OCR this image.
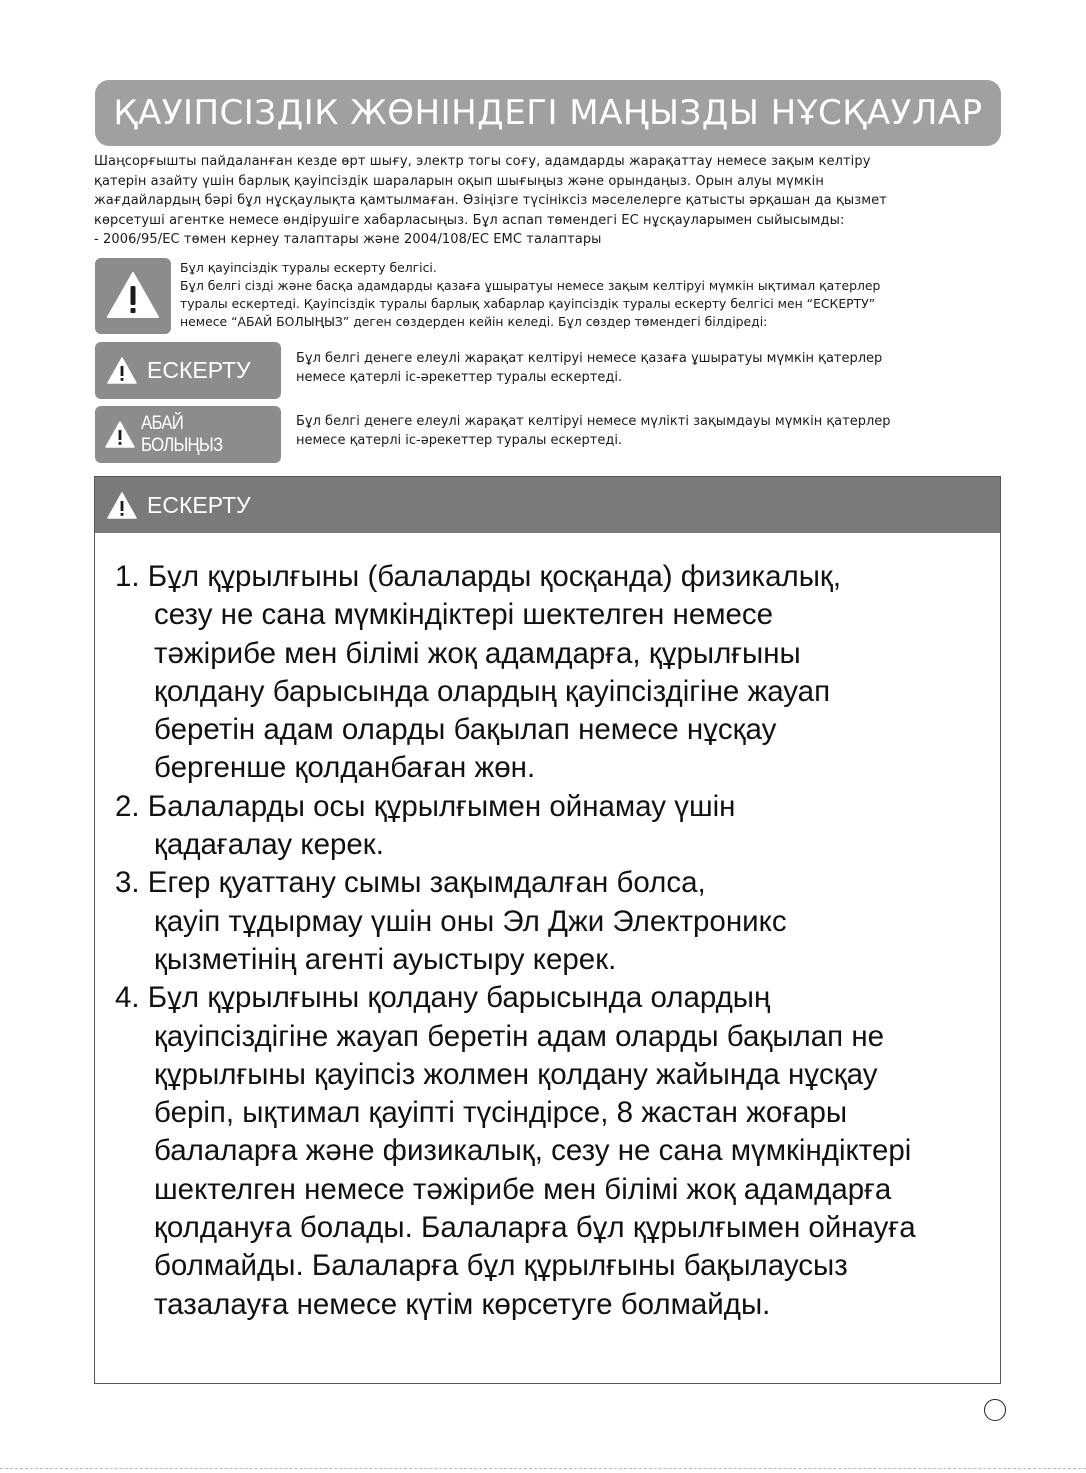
ҚАУІПСІЗДІК ЖӨНІНДЕГІ МАҢЫЗДЫ НҰСҚАУЛАР
Шаңсорғышты пайдаланған кезде өрт шығу, электр тогы соғу, адамдарды жарақаттау немесе зақым келтіру
қатерін азайту үшін барлық қауіпсіздік шараларын оқып шығыңыз және орындаңыз. Орын алуы мүмкін
жағдайлардың бәрі бұл нұсқаулықта қамтылмаған. Өзіңізге түсініксіз мәселелерге қатысты әрқашан да қызмет
көрсетуші агентке немесе өндірушіге хабарласыңыз. Бұл аспап төмендегі ЕС нұсқауларымен сыйысымды:
- 2006/95/EC төмен кернеу талаптары және 2004/108/EC EMC талаптары
Бұл қауіпсіздік туралы ескерту белгісі.
Бұл белгі сізді және басқа адамдарды қазаға ұшыратуы немесе зақым келтіруі мүмкін ықтимал қатерлер
туралы ескертеді. Қауіпсіздік туралы барлық хабарлар қауіпсіздік туралы ескерту белгісі мен “ЕСКЕРТУ”
немесе “АБАЙ БОЛЫҢЫЗ” деген сөздерден кейін келеді. Бұл сөздер төмендегі білдіреді:
ЕСКЕРТУ	Бұл белгі денеге елеулі жарақат келтіруі немесе қазаға ұшыратуы мүмкін қатерлер
немесе қатерлі іс-әрекеттер туралы ескертеді.
АБАЙ БОЛЫҢЫЗ
Бұл белгі денеге елеулі жарақат келтіруі немесе мүлікті зақымдауы мүмкін қатерлер
немесе қатерлі іс-әрекеттер туралы ескертеді.
ЕСКЕРТУ
1. Бұл құрылғыны (балаларды қосқанда) физикалық,
сезу не сана мүмкіндіктері шектелген немесе
тәжірибе мен білімі жоқ адамдарға, құрылғыны
қолдану барысында олардың қауіпсіздігіне жауап
беретін адам оларды бақылап немесе нұсқау
бергенше қолданбаған жөн.
2. Балаларды осы құрылғымен ойнамау үшін
қадағалау керек.
3. Егер қуаттану сымы зақымдалған болса,
қауіп тұдырмау үшін оны Эл Джи Электроникс
қызметінің агенті ауыстыру керек.
4. Бұл құрылғыны қолдану барысында олардың
қауіпсіздігіне жауап беретін адам оларды бақылап не
құрылғыны қауіпсіз жолмен қолдану жайында нұсқау
беріп, ықтимал қауіпті түсіндірсе, 8 жастан жоғары
балаларға және физикалық, сезу не сана мүмкіндіктері
шектелген немесе тәжірибе мен білімі жоқ адамдарға
қолдануға болады. Балаларға бұл құрылғымен ойнауға
болмайды. Балаларға бұл құрылғыны бақылаусыз
тазалауға немесе күтім көрсетуге болмайды.
